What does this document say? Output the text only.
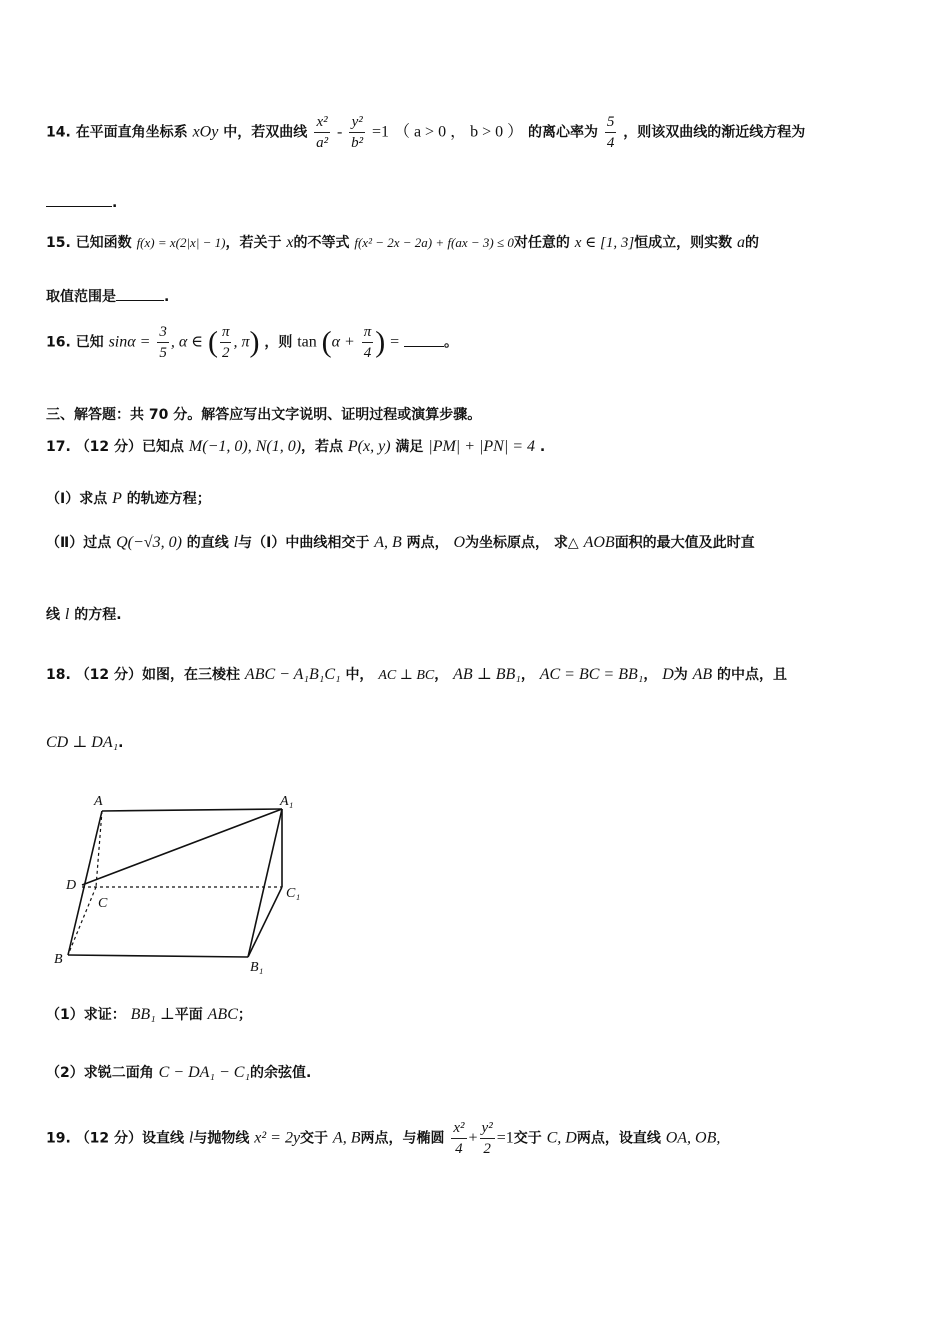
14. 在平面直角坐标系 xOy 中，若双曲线 $\frac{\text{x²}}{\text{a²}} - \frac{\text{y²}}{\text{b²}} =1$ （ a > 0 ， b > 0 ） 的离心率为 $\frac{5}{4}$ ，则该双曲线的渐近线方程为
.
15. 已知函数 f(x) = x(2|x| − 1)，若关于 x的不等式 f(x² − 2x − 2a) + f(ax − 3) ≤ 0对任意的 x ∈ [1, 3]恒成立，则实数 a的
取值范围是	.
16. 已知 $\sin\alpha = \frac{3}{5}$ , α ∈ ( $\frac{\pi}{2}$ , π) ，则 $\tan (\alpha + \frac{\pi}{4}$ ) =	。
三、解答题：共 70 分。解答应写出文字说明、证明过程或演算步骤。
17. （12 分）已知点 M(−1, 0), N(1, 0)，若点 P(x, y) 满足 |PM| + |PN| = 4 .
（Ⅰ）求点 P 的轨迹方程；
（Ⅱ）过点 Q(−√3, 0) 的直线 l与（Ⅰ）中曲线相交于 A, B 两点， O为坐标原点， 求△ AOB面积的最大值及此时直
线 l 的方程.
18. （12 分）如图，在三棱柱 ABC − A₁B₁C₁ 中， AC ⊥ BC， AB ⊥ BB₁， AC = BC = BB₁， D为 AB 的中点，且
CD ⊥ DA₁.
A	A₁
D
C
C₁
B
B₁
（1）求证： BB₁ ⊥平面 ABC；
（2）求锐二面角 C − DA₁ − C₁的余弦值.
19. （12 分）设直线 l与抛物线 x² = 2y交于 A, B两点，与椭圆 $\frac{\text{x²}}{4} + \frac{\text{y²}}{2} =1$交于 C, D两点，设直线 OA, OB,
